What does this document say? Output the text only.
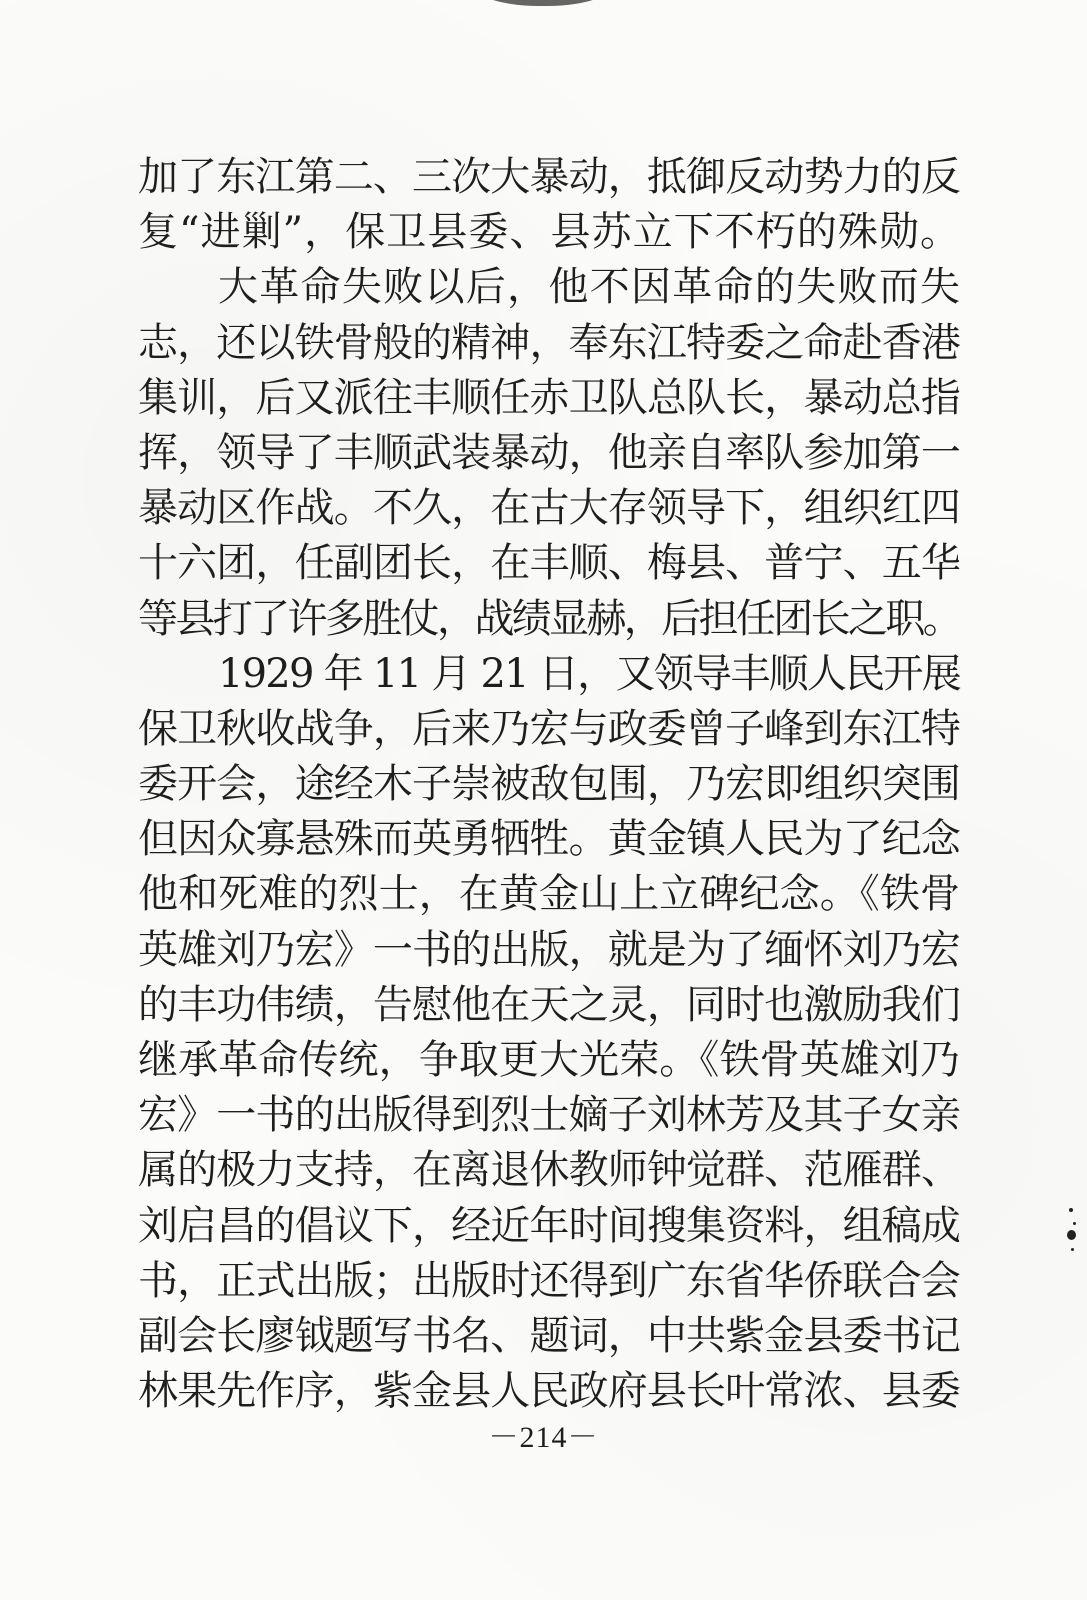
加了东江第二、三次大暴动，抵御反动势力的反
复“进剿”，保卫县委、县苏立下不朽的殊勋。
大革命失败以后，他不因革命的失败而失
志，还以铁骨般的精神，奉东江特委之命赴香港
集训，后又派往丰顺任赤卫队总队长，暴动总指
挥，领导了丰顺武装暴动，他亲自率队参加第一
暴动区作战。不久，在古大存领导下，组织红四
十六团，任副团长，在丰顺、梅县、普宁、五华
等县打了许多胜仗，战绩显赫，后担任团长之职。
1929 年 11 月 21 日，又领导丰顺人民开展
保卫秋收战争，后来乃宏与政委曾子峰到东江特
委开会，途经木子崇被敌包围，乃宏即组织突围
但因众寡悬殊而英勇牺牲。黄金镇人民为了纪念
他和死难的烈士，在黄金山上立碑纪念。《铁骨
英雄刘乃宏》一书的出版，就是为了缅怀刘乃宏
的丰功伟绩，告慰他在天之灵，同时也激励我们
继承革命传统，争取更大光荣。《铁骨英雄刘乃
宏》一书的出版得到烈士嫡子刘林芳及其子女亲
属的极力支持，在离退休教师钟觉群、范雁群、
刘启昌的倡议下，经近年时间搜集资料，组稿成
书，正式出版；出版时还得到广东省华侨联合会
副会长廖钺题写书名、题词，中共紫金县委书记
林果先作序，紫金县人民政府县长叶常浓、县委
－214－
